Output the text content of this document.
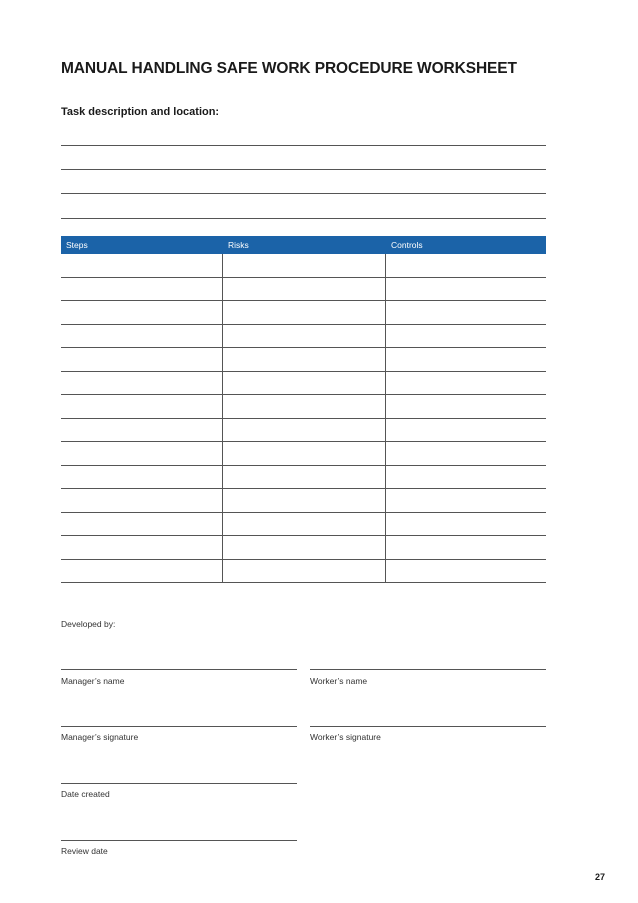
MANUAL HANDLING SAFE WORK PROCEDURE WORKSHEET
Task description and location:
Steps	Risks	Controls
Developed by:
Manager’s name	Worker’s name
Manager’s signature	Worker’s signature
Date created
Review date
27
